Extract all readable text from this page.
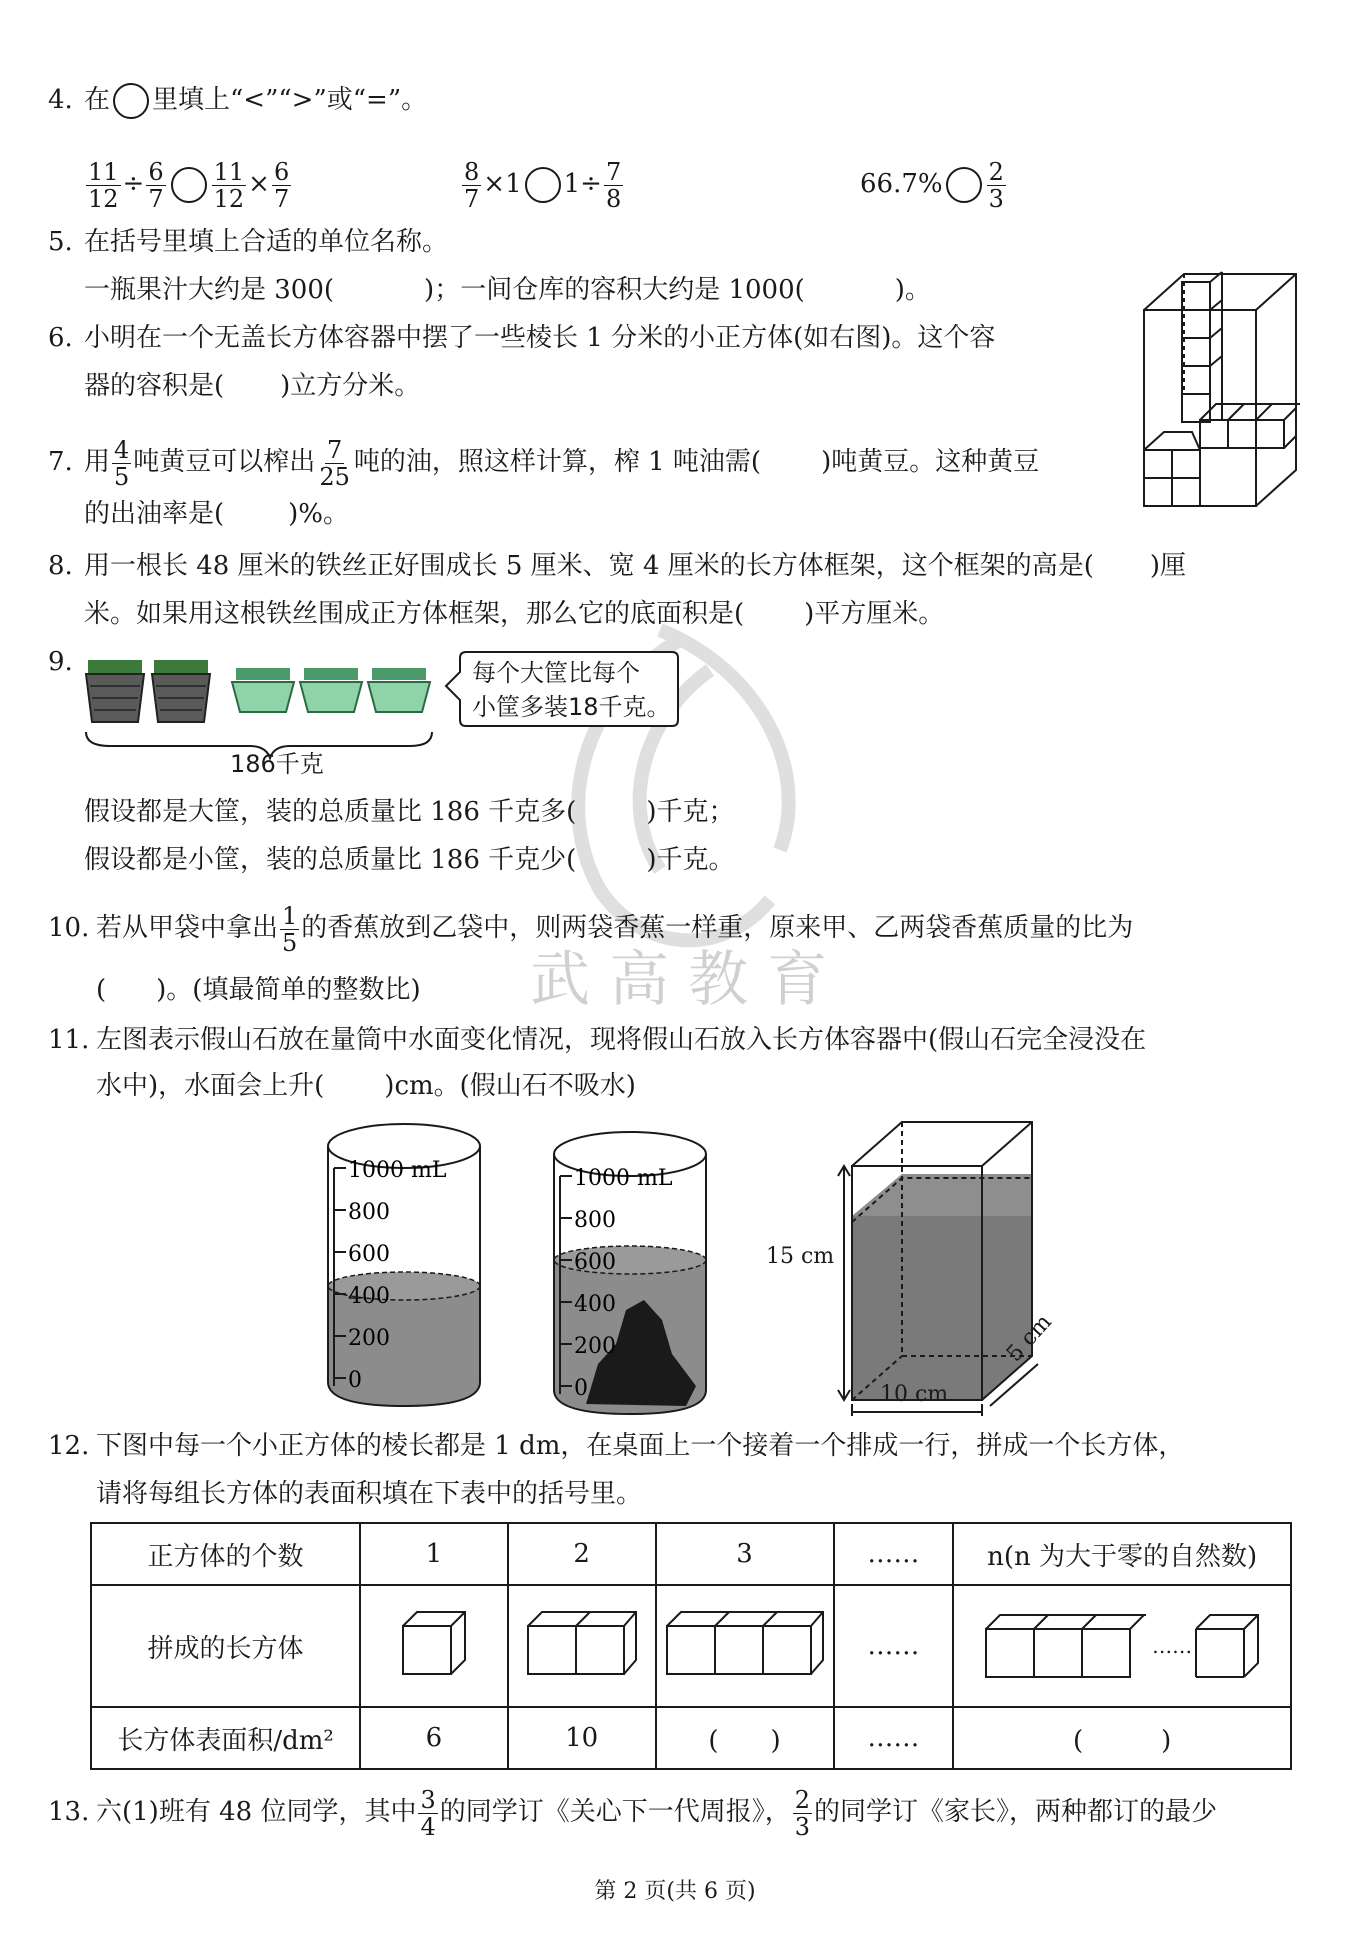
武 高 教 育
4. 在 里填上“<”“>”或“=”。
$\frac{11}{12} \div \frac{6}{7} \frac{11}{12} \times \frac{6}{7}$	$\frac{8}{7} \times 1$ $1\div \frac{7}{8}$	$66.7\% \frac{2}{3}$
5. 在括号里填上合适的单位名称。
一瓶果汁大约是 300(	)；一间仓库的容积大约是 1000(	)。
6. 小明在一个无盖长方体容器中摆了一些棱长 1 分米的小正方体(如右图)。这个容
器的容积是( )立方分米。
7. 用 $\frac{4}{5}$ 吨黄豆可以榨出 $\frac{7}{25}$ 吨的油，照这样计算，榨 1 吨油需( )吨黄豆。这种黄豆
的出油率是( )%。
8. 用一根长 48 厘米的铁丝正好围成长 5 厘米、宽 4 厘米的长方体框架，这个框架的高是( )厘
米。如果用这根铁丝围成正方体框架，那么它的底面积是( )平方厘米。
9.	每个大筐比每个
小筐多装18千克。
186千克
假设都是大筐，装的总质量比 186 千克多(	)千克；
假设都是小筐，装的总质量比 186 千克少(	)千克。
10. 若从甲袋中拿出 $\frac{1}{5}$ 的香蕉放到乙袋中，则两袋香蕉一样重，原来甲、乙两袋香蕉质量的比为
( )。(填最简单的整数比)
11. 左图表示假山石放在量筒中水面变化情况，现将假山石放入长方体容器中(假山石完全浸没在
水中)，水面会上升( )cm。(假山石不吸水)
1000 mL
800
600
400
200
0
1000 mL
800
600
400
200
0
15 cm
10 cm
5 cm
12. 下图中每一个小正方体的棱长都是 1 dm，在桌面上一个接着一个排成一行，拼成一个长方体，
请将每组长方体的表面积填在下表中的括号里。
正方体的个数	1	2	3	……	n(n 为大于零的自然数)
拼成的长方体				……	……
长方体表面积/dm²	6	10	(　　)	……	(　　　)
13. 六(1)班有 48 位同学，其中 $\frac{3}{4}$ 的同学订《关心下一代周报》， $\frac{2}{3}$ 的同学订《家长》，两种都订的最少
第 2 页(共 6 页)
